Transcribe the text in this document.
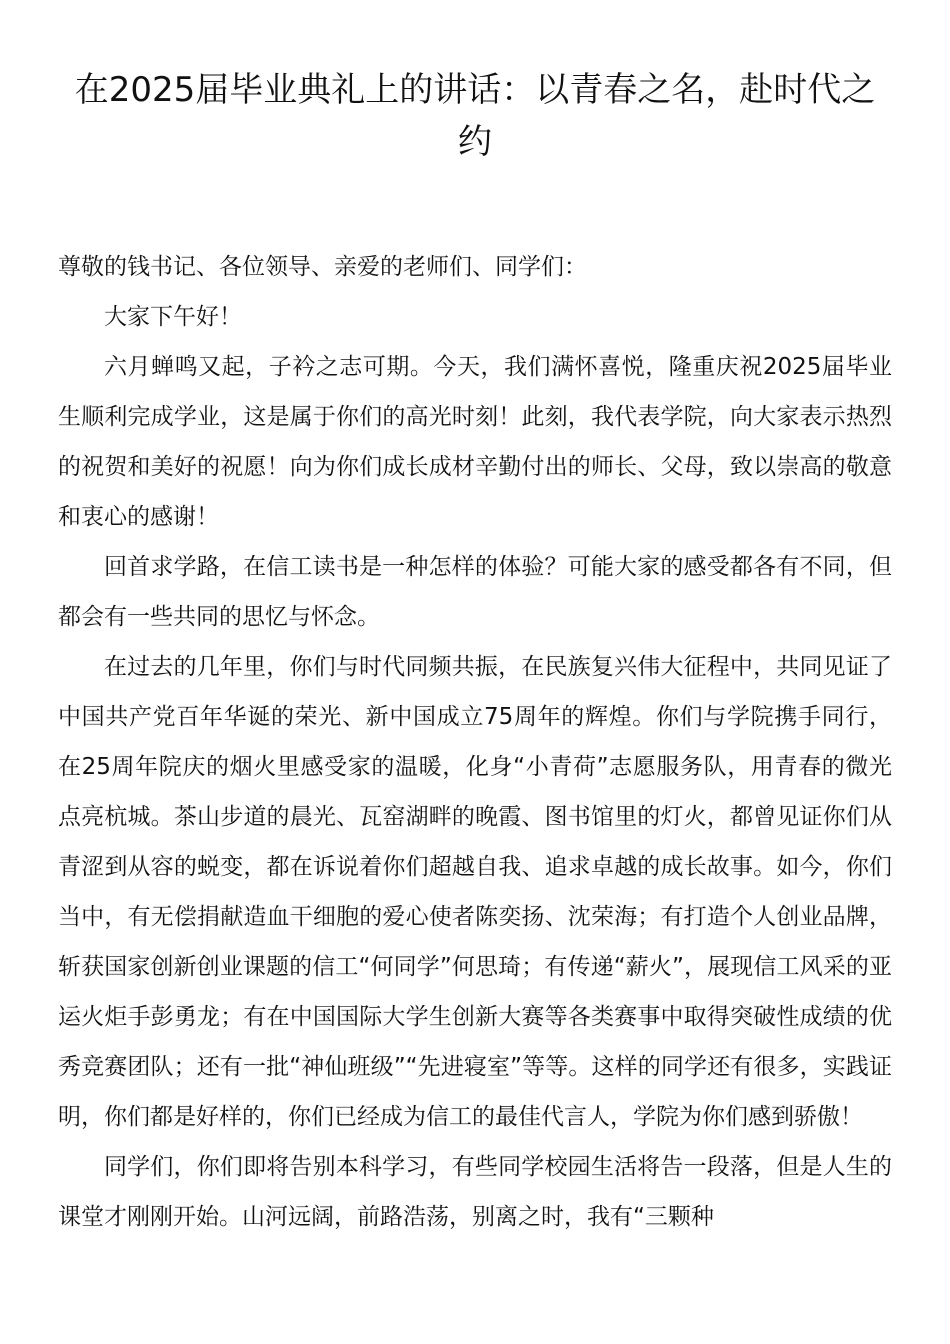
在2025届毕业典礼上的讲话：以青春之名，赴时代之约

尊敬的钱书记、各位领导、亲爱的老师们、同学们：

大家下午好！

六月蝉鸣又起，子衿之志可期。今天，我们满怀喜悦，隆重庆祝2025届毕业生顺利完成学业，这是属于你们的高光时刻！此刻，我代表学院，向大家表示热烈的祝贺和美好的祝愿！向为你们成长成材辛勤付出的师长、父母，致以崇高的敬意和衷心的感谢！

回首求学路，在信工读书是一种怎样的体验？可能大家的感受都各有不同，但都会有一些共同的思忆与怀念。

在过去的几年里，你们与时代同频共振，在民族复兴伟大征程中，共同见证了中国共产党百年华诞的荣光、新中国成立75周年的辉煌。你们与学院携手同行，在25周年院庆的烟火里感受家的温暖，化身“小青荷”志愿服务队，用青春的微光点亮杭城。茶山步道的晨光、瓦窑湖畔的晚霞、图书馆里的灯火，都曾见证你们从青涩到从容的蜕变，都在诉说着你们超越自我、追求卓越的成长故事。如今，你们当中，有无偿捐献造血干细胞的爱心使者陈奕扬、沈荣海；有打造个人创业品牌，斩获国家创新创业课题的信工“何同学”何思琦；有传递“薪火”，展现信工风采的亚运火炬手彭勇龙；有在中国国际大学生创新大赛等各类赛事中取得突破性成绩的优秀竞赛团队；还有一批“神仙班级”“先进寝室”等等。这样的同学还有很多，实践证明，你们都是好样的，你们已经成为信工的最佳代言人，学院为你们感到骄傲！

同学们，你们即将告别本科学习，有些同学校园生活将告一段落，但是人生的课堂才刚刚开始。山河远阔，前路浩荡，别离之时，我有“三颗种
